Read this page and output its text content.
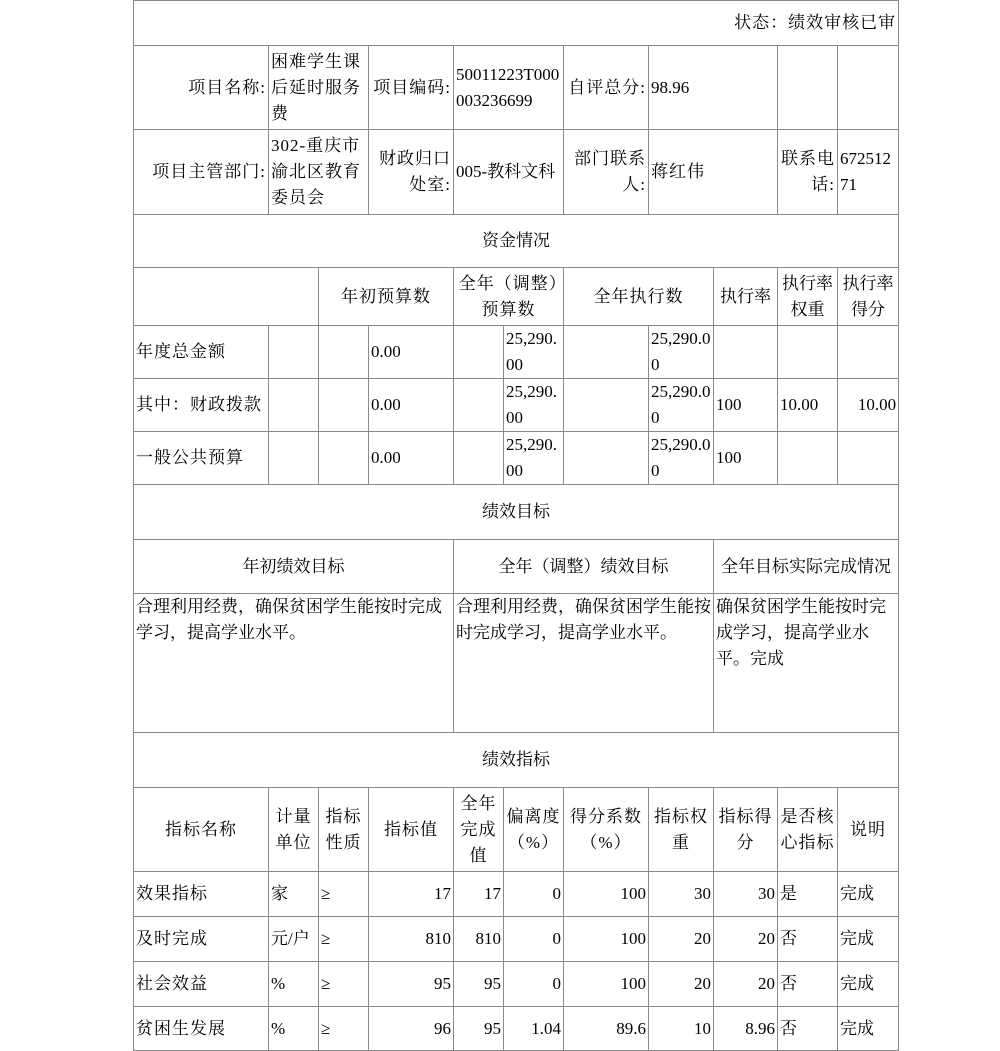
状态：绩效审核已审										
项目名称:	困难学生课后延时服务费		项目编码:	50011223T000003236699		自评总分:	98.96			
项目主管部门:	302-重庆市渝北区教育委员会		财政归口处室:	005-教科文科		部门联系人:	蒋红伟		联系电话:	67251271
资金情况										
		年初预算数		全年（调整）预算数		全年执行数		执行率	执行率权重	执行率得分
年度总金额			0.00		25,290.00		25,290.00			
其中：财政拨款			0.00		25,290.00		25,290.00	100	10.00	10.00
一般公共预算			0.00		25,290.00		25,290.00	100		
绩效目标										
年初绩效目标				全年（调整）绩效目标				全年目标实际完成情况		
合理利用经费，确保贫困学生能按时完成学习，提高学业水平。				合理利用经费，确保贫困学生能按时完成学习，提高学业水平。				确保贫困学生能按时完成学习，提高学业水平。完成		
绩效指标										
指标名称	计量单位	指标性质	指标值	全年完成值	偏离度（%）	得分系数（%）	指标权重	指标得分	是否核心指标	说明
效果指标	家	≥	17	17	0	100	30	30	是	完成
及时完成	元/户	≥	810	810	0	100	20	20	否	完成
社会效益	%	≥	95	95	0	100	20	20	否	完成
贫困生发展	%	≥	96	95	1.04	89.6	10	8.96	否	完成
